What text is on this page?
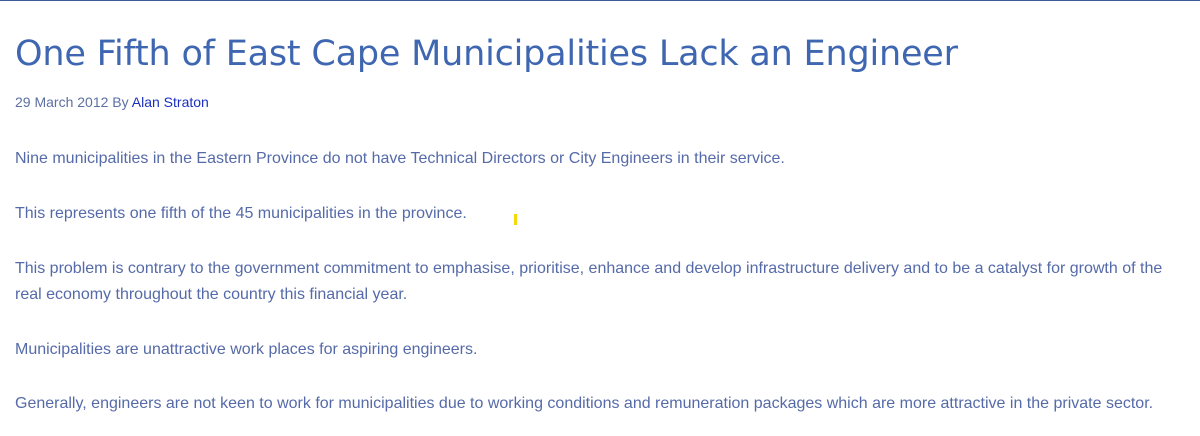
One Fifth of East Cape Municipalities Lack an Engineer
29 March 2012 By Alan Straton

Nine municipalities in the Eastern Province do not have Technical Directors or City Engineers in their service.

This represents one fifth of the 45 municipalities in the province.

This problem is contrary to the government commitment to emphasise, prioritise, enhance and develop infrastructure delivery and to be a catalyst for growth of the
real economy throughout the country this financial year.

Municipalities are unattractive work places for aspiring engineers.

Generally, engineers are not keen to work for municipalities due to working conditions and remuneration packages which are more attractive in the private sector.
